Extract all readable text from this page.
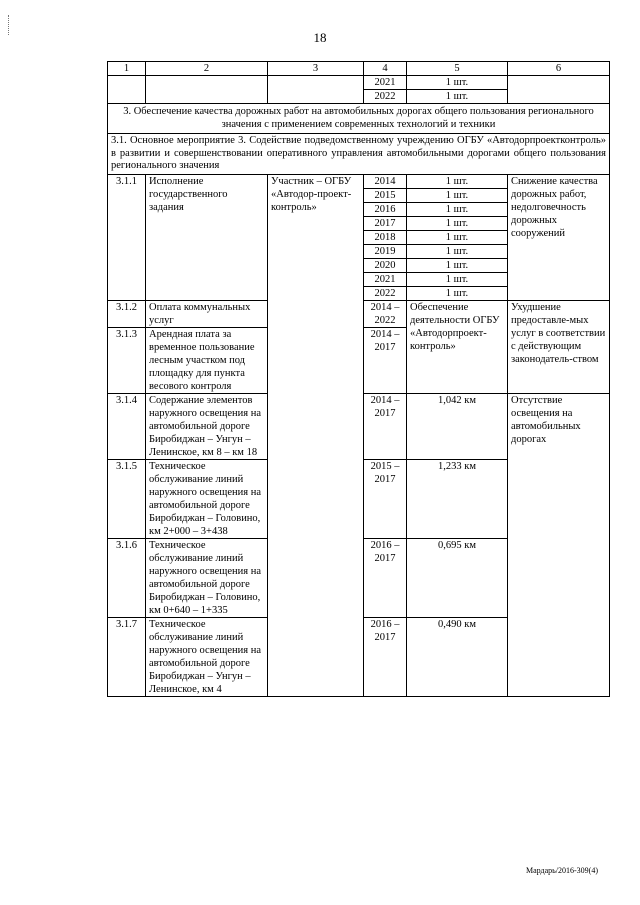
18
1	2	3	4	5	6
			2021	1 шт.	
			2022	1 шт.	
3. Обеспечение качества дорожных работ на автомобильных дорогах общего пользования регионального значения с применением современных технологий и техники					
3.1. Основное мероприятие 3. Содействие подведомственному учреждению ОГБУ «Автодорпроектконтроль» в развитии и совершенствовании оперативного управления автомобильными дорогами общего пользования регионального значения					
3.1.1	Исполнение государственного задания	Участник – ОГБУ «Автодор-проект-контроль»	2014	1 шт.	Снижение качества дорожных работ, недолговечность дорожных сооружений
			2015	1 шт.	
			2016	1 шт.	
			2017	1 шт.	
			2018	1 шт.	
			2019	1 шт.	
			2020	1 шт.	
			2021	1 шт.	
			2022	1 шт.	
3.1.2	Оплата коммунальных услуг		2014 – 2022	Обеспечение деятельности ОГБУ «Автодорпроект-контроль»	Ухудшение предоставле-мых услуг в соответствии с действующим законодатель-ством
3.1.3	Арендная плата за временное пользование лесным участком под площадку для пункта весового контроля		2014 – 2017		
3.1.4	Содержание элементов наружного освещения на автомобильной дороге Биробиджан – Унгун – Ленинское, км 8 – км 18		2014 – 2017	1,042 км	Отсутствие освещения на автомобильных дорогах
3.1.5	Техническое обслуживание линий наружного освещения на автомобильной дороге Биробиджан – Головино, км 2+000 – 3+438		2015 – 2017	1,233 км	
3.1.6	Техническое обслуживание линий наружного освещения на автомобильной дороге Биробиджан – Головино, км 0+640 – 1+335		2016 – 2017	0,695 км	
3.1.7	Техническое обслуживание линий наружного освещения на автомобильной дороге Биробиджан – Унгун – Ленинское, км 4		2016 – 2017	0,490 км	
Мардарь/2016-309(4)
